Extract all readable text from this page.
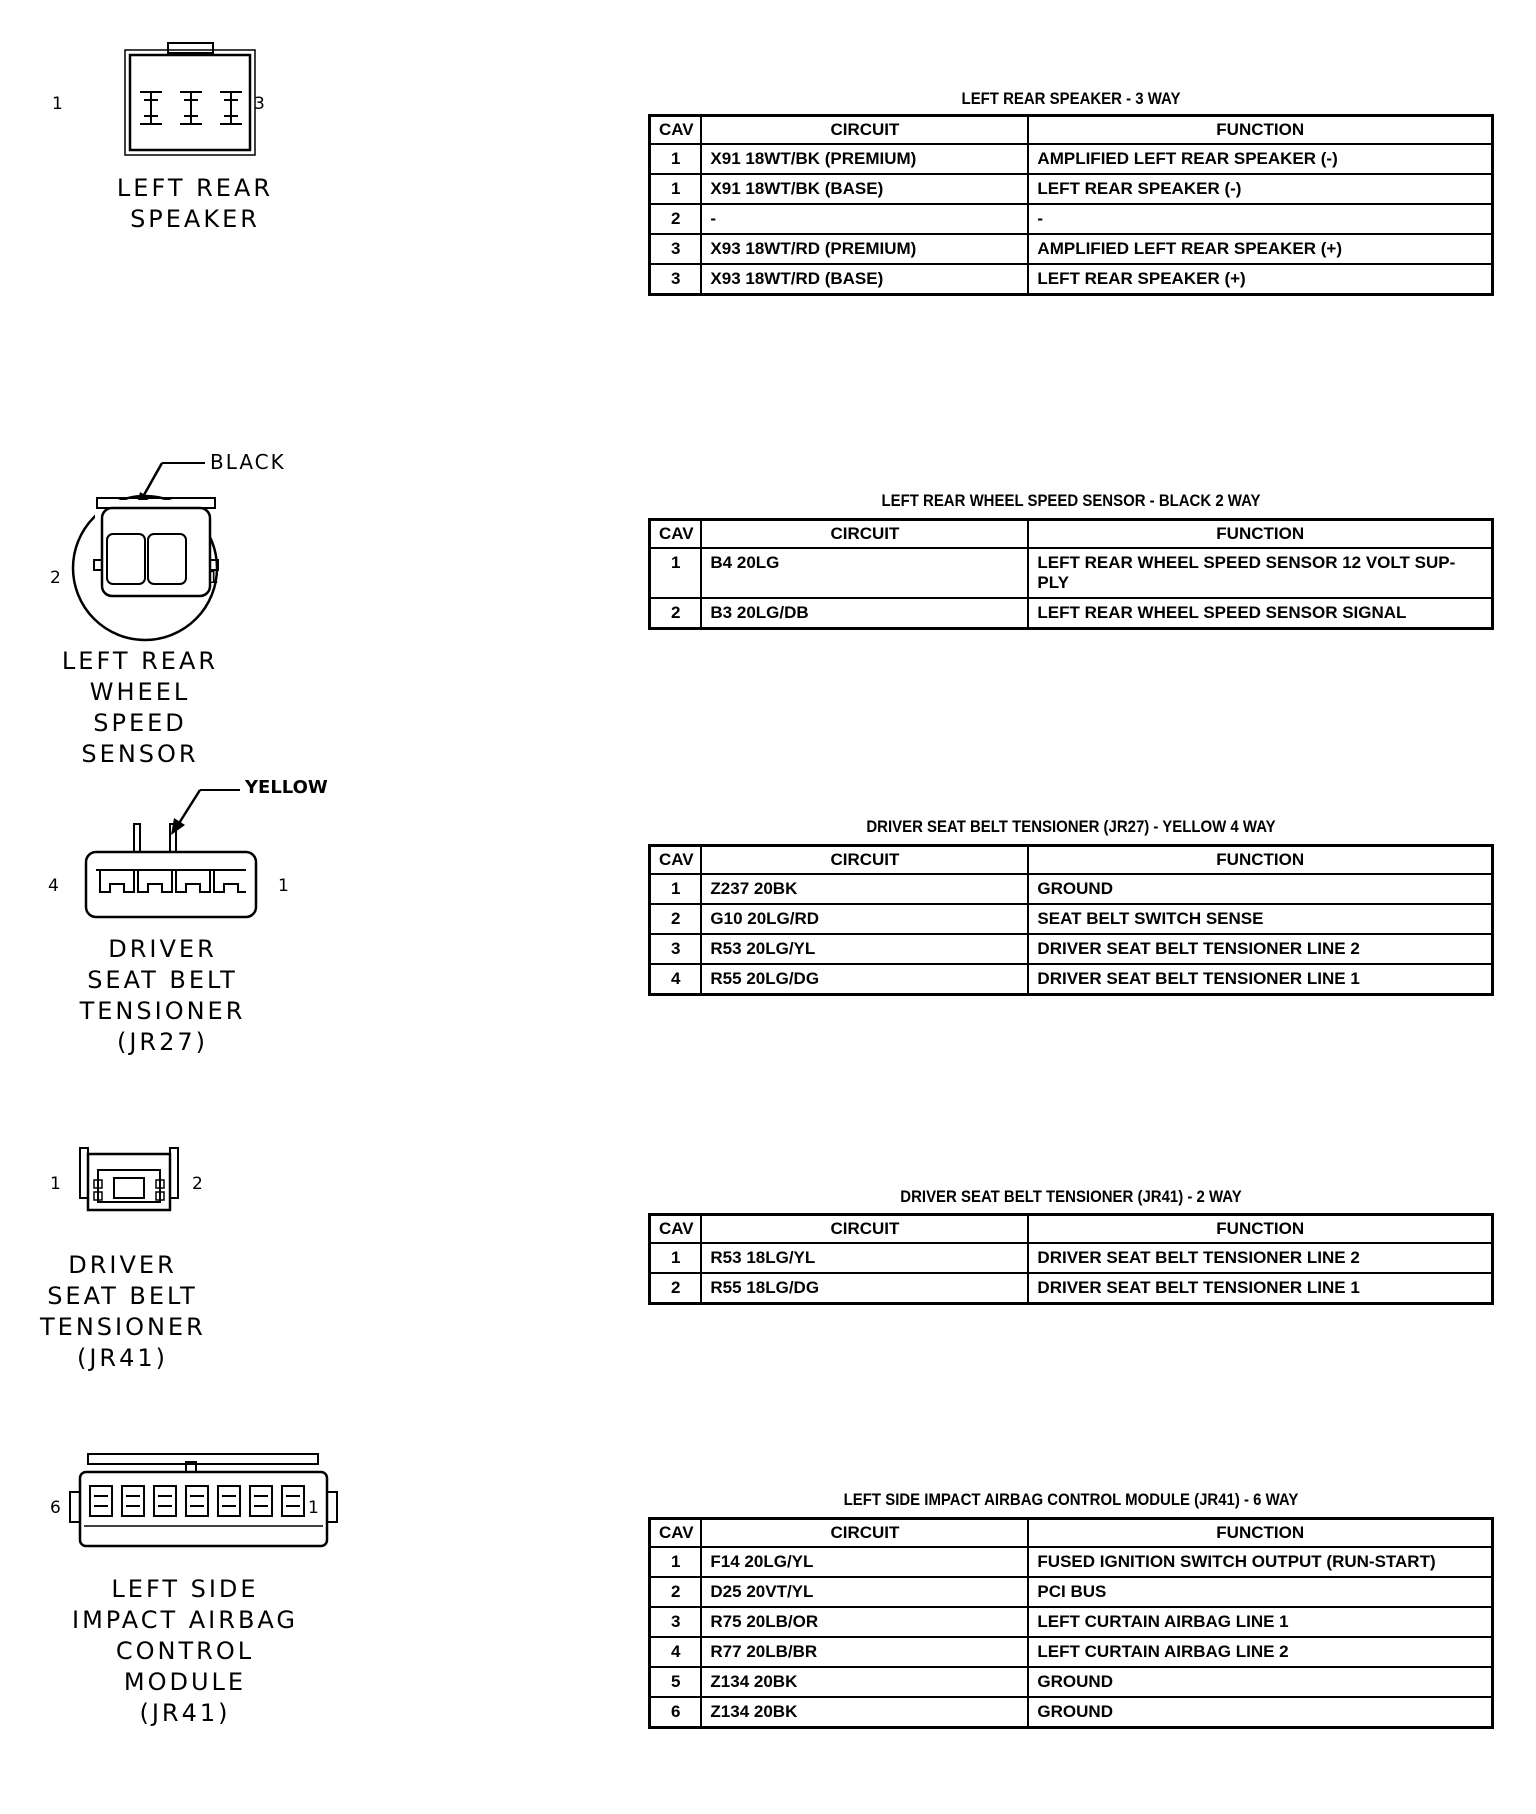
1	3
LEFT REAR
SPEAKER
LEFT REAR SPEAKER - 3 WAY
CAV	CIRCUIT	FUNCTION
1	X91 18WT/BK (PREMIUM)	AMPLIFIED LEFT REAR SPEAKER (-)
1	X91 18WT/BK (BASE)	LEFT REAR SPEAKER (-)
2	-	-
3	X93 18WT/RD (PREMIUM)	AMPLIFIED LEFT REAR SPEAKER (+)
3	X93 18WT/RD (BASE)	LEFT REAR SPEAKER (+)
BLACK
2	1
LEFT REAR
WHEEL SPEED
SENSOR
LEFT REAR WHEEL SPEED SENSOR - BLACK 2 WAY
CAV	CIRCUIT	FUNCTION
1	B4 20LG	LEFT REAR WHEEL SPEED SENSOR 12 VOLT SUP-PLY
2	B3 20LG/DB	LEFT REAR WHEEL SPEED SENSOR SIGNAL
YELLOW
4	1
DRIVER
SEAT BELT
TENSIONER
(JR27)
DRIVER SEAT BELT TENSIONER (JR27) - YELLOW 4 WAY
CAV	CIRCUIT	FUNCTION
1	Z237 20BK	GROUND
2	G10 20LG/RD	SEAT BELT SWITCH SENSE
3	R53 20LG/YL	DRIVER SEAT BELT TENSIONER LINE 2
4	R55 20LG/DG	DRIVER SEAT BELT TENSIONER LINE 1
1	2
DRIVER
SEAT BELT
TENSIONER
(JR41)
DRIVER SEAT BELT TENSIONER (JR41) - 2 WAY
CAV	CIRCUIT	FUNCTION
1	R53 18LG/YL	DRIVER SEAT BELT TENSIONER LINE 2
2	R55 18LG/DG	DRIVER SEAT BELT TENSIONER LINE 1
6	1
LEFT SIDE
IMPACT AIRBAG
CONTROL MODULE
(JR41)
LEFT SIDE IMPACT AIRBAG CONTROL MODULE (JR41) - 6 WAY
CAV	CIRCUIT	FUNCTION
1	F14 20LG/YL	FUSED IGNITION SWITCH OUTPUT (RUN-START)
2	D25 20VT/YL	PCI BUS
3	R75 20LB/OR	LEFT CURTAIN AIRBAG LINE 1
4	R77 20LB/BR	LEFT CURTAIN AIRBAG LINE 2
5	Z134 20BK	GROUND
6	Z134 20BK	GROUND
